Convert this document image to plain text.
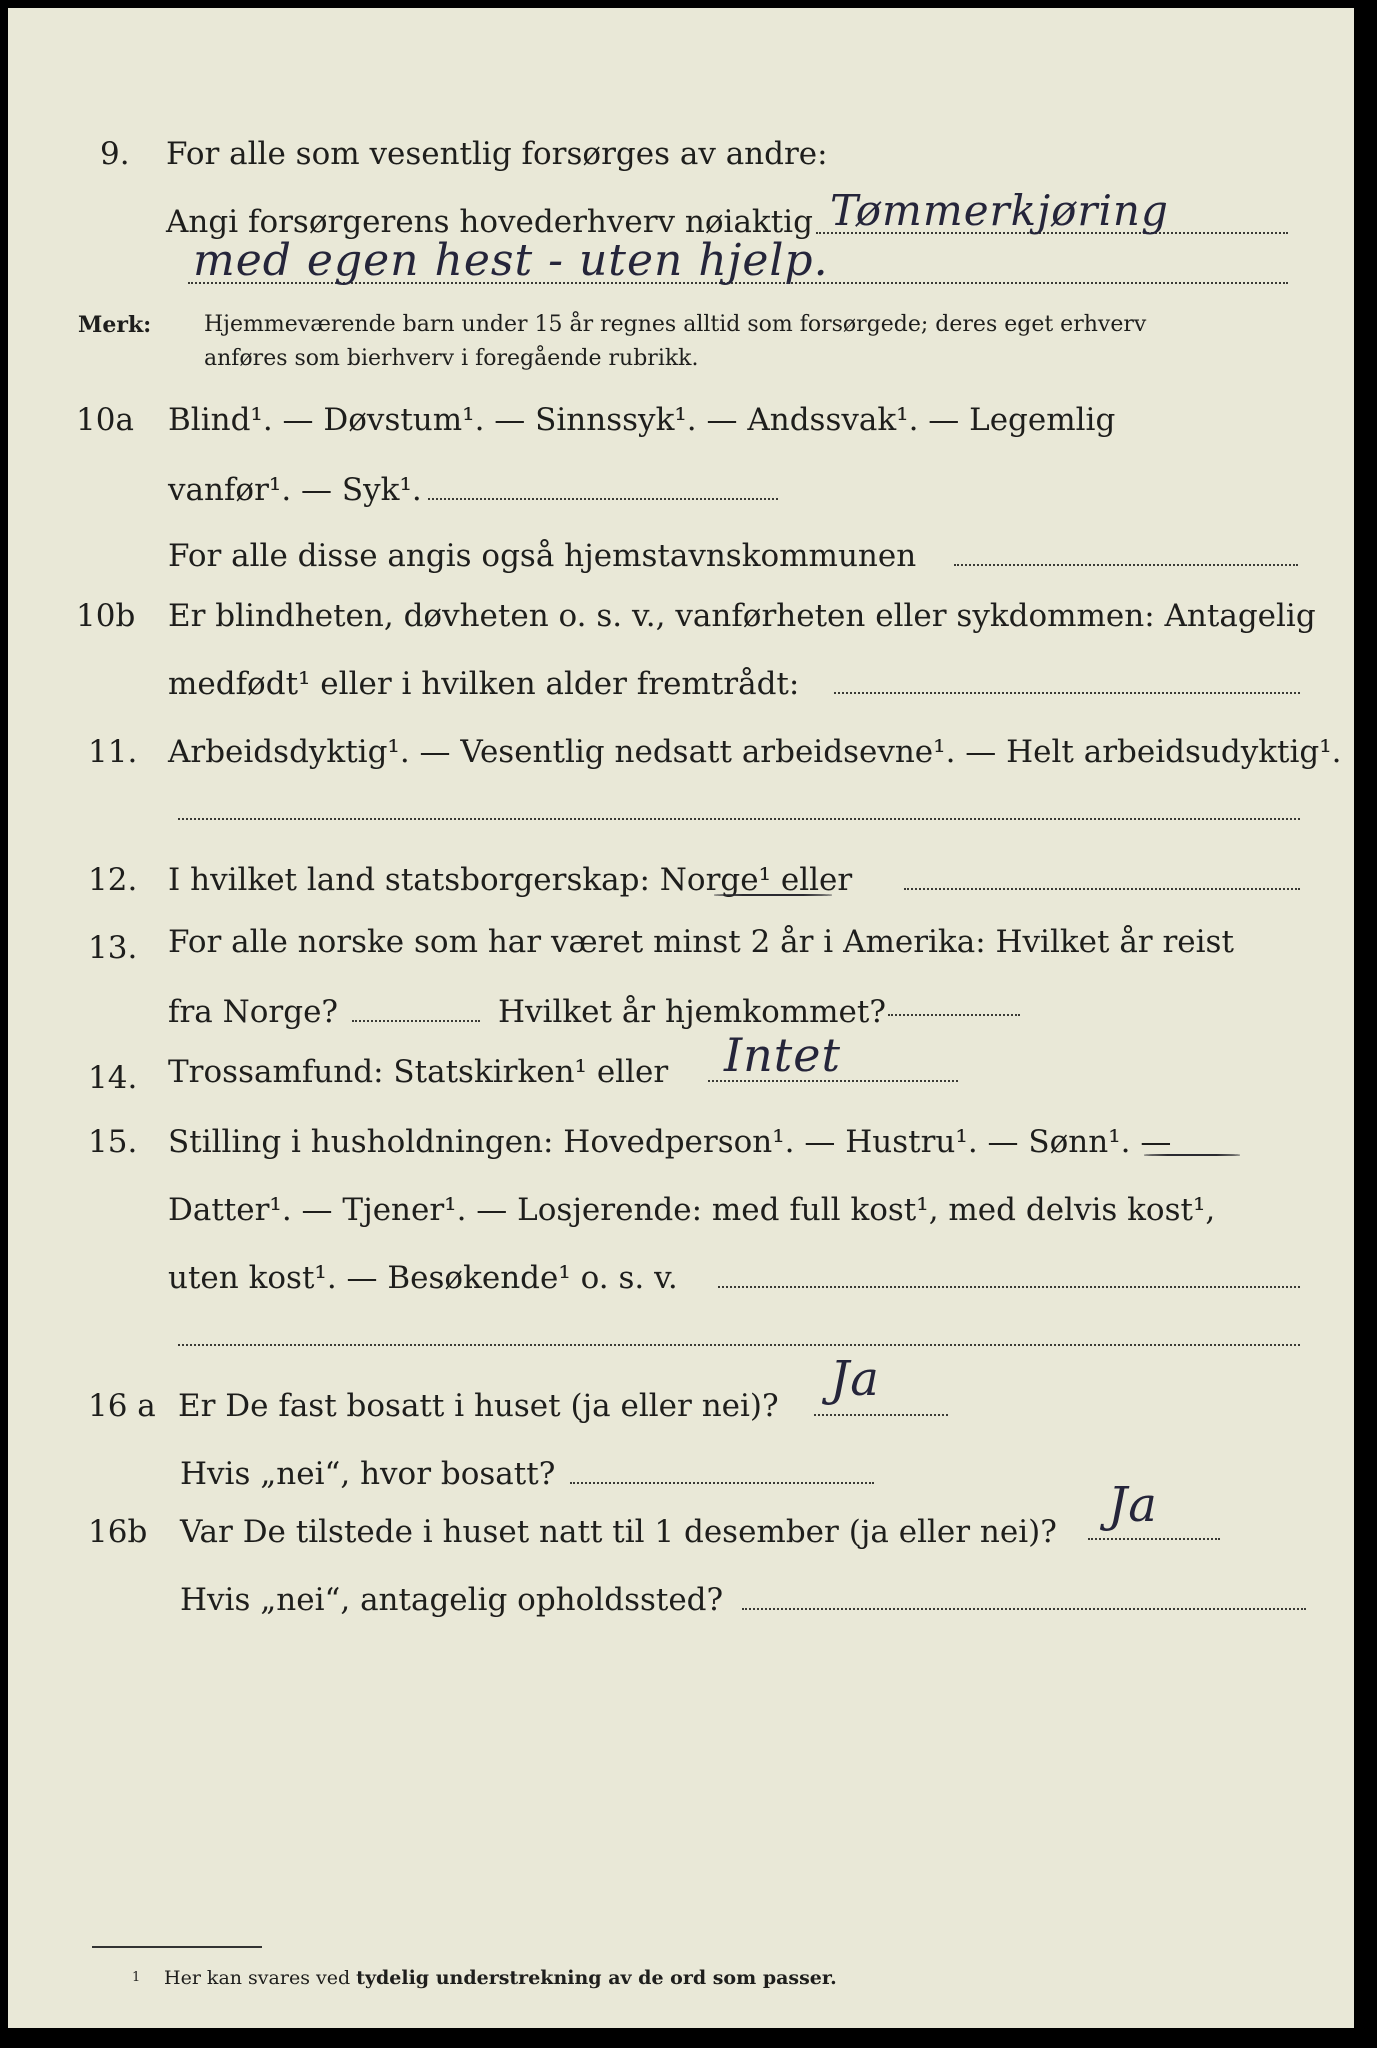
9. For alle som vesentlig forsørges av andre:
Angi forsørgerens hovederhverv nøiaktig Tømmerkjøring
med egen hest - uten hjelp.
Merk: Hjemmeværende barn under 15 år regnes alltid som forsørgede; deres eget erhverv
anføres som bierhverv i foregående rubrikk.
10a Blind¹. — Døvstum¹. — Sinnssyk¹. — Andssvak¹. — Legemlig
vanfør¹. — Syk¹.
For alle disse angis også hjemstavnskommunen
10b Er blindheten, døvheten o. s. v., vanførheten eller sykdommen: Antagelig
medfødt¹ eller i hvilken alder fremtrådt:
11. Arbeidsdyktig¹. — Vesentlig nedsatt arbeidsevne¹. — Helt arbeidsudyktig¹.
12. I hvilket land statsborgerskap: Norge¹ eller
13. For alle norske som har været minst 2 år i Amerika: Hvilket år reist
fra Norge?	Hvilket år hjemkommet?
14. Trossamfund: Statskirken¹ eller Intet
15. Stilling i husholdningen: Hovedperson¹. — Hustru¹. — Sønn¹. —
Datter¹. — Tjener¹. — Losjerende: med full kost¹, med delvis kost¹,
uten kost¹. — Besøkende¹ o. s. v.
16 a Er De fast bosatt i huset (ja eller nei)? Ja
Hvis „nei“, hvor bosatt?
16b Var De tilstede i huset natt til 1 desember (ja eller nei)? Ja
Hvis „nei“, antagelig opholdssted?
1 Her kan svares ved tydelig understrekning av de ord som passer.
